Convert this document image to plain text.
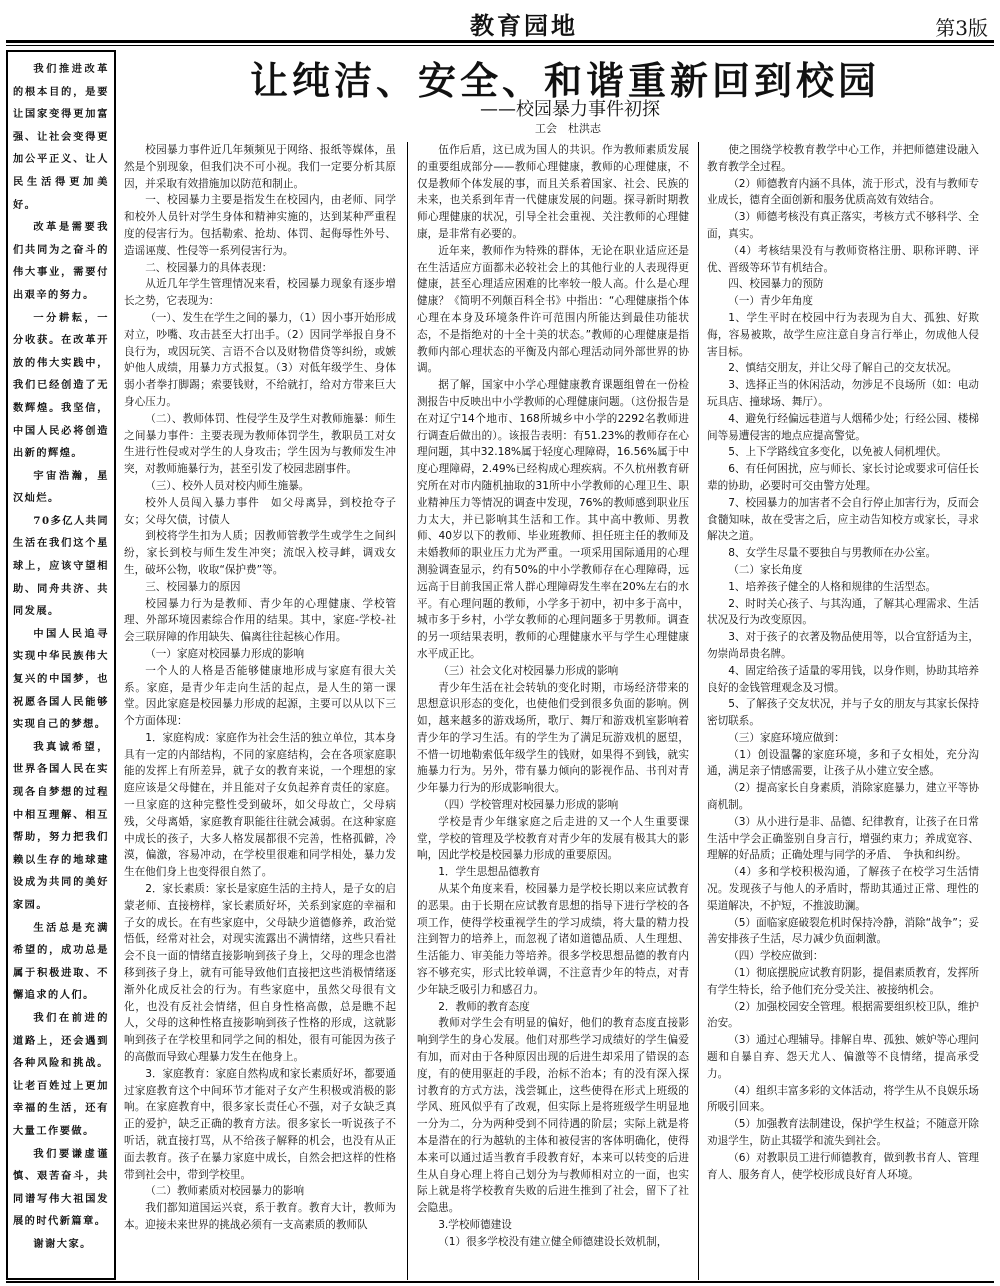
教育园地	第3版

我们推进改革的根本目的，是要让国家变得更加富强、让社会变得更加公平正义、让人民生活得更加美好。

改革是需要我们共同为之奋斗的伟大事业，需要付出艰辛的努力。

一分耕耘，一分收获。在改革开放的伟大实践中，我们已经创造了无数辉煌。我坚信，中国人民必将创造出新的辉煌。

宇宙浩瀚，星汉灿烂。

70多亿人共同生活在我们这个星球上，应该守望相助、同舟共济、共同发展。

中国人民追寻实现中华民族伟大复兴的中国梦，也祝愿各国人民能够实现自己的梦想。

我真诚希望，世界各国人民在实现各自梦想的过程中相互理解、相互帮助，努力把我们赖以生存的地球建设成为共同的美好家园。

生活总是充满希望的，成功总是属于积极进取、不懈追求的人们。

我们在前进的道路上，还会遇到各种风险和挑战。让老百姓过上更加幸福的生活，还有大量工作要做。

我们要谦虚谨慎、艰苦奋斗，共同谱写伟大祖国发展的时代新篇章。

谢谢大家。

让纯洁、安全、和谐重新回到校园
——校园暴力事件初探
工会　杜洪志

校园暴力事件近几年频频见于网络、报纸等媒体，虽然是个别现象，但我们决不可小视。我们一定要分析其原因，并采取有效措施加以防范和制止。

一、校园暴力主要是指发生在校园内，由老师、同学和校外人员针对学生身体和精神实施的，达到某种严重程度的侵害行为。包括勒索、抢劫、体罚、起侮辱性外号、造谣诬蔑、性侵等一系列侵害行为。

二、校园暴力的具体表现：

从近几年学生管理情况来看，校园暴力现象有逐步增长之势，它表现为：

（一）、发生在学生之间的暴力，（1）因小事开始形成对立，吵嘴、攻击甚至大打出手。（2）因同学举报自身不良行为，或因玩笑、言语不合以及财物借贷等纠纷，或嫉妒他人成绩，用暴力方式报复。（3）对低年级学生、身体弱小者拳打脚踢；索要钱财，不给就打，给对方带来巨大身心压力。

（二）、教师体罚、性侵学生及学生对教师施暴：师生之间暴力事件：主要表现为教师体罚学生，教职员工对女生进行性侵或对学生的人身攻击；学生因为与教师发生冲突，对教师施暴行为，甚至引发了校园悲剧事件。

（三）、校外人员对校内师生施暴。

校外人员闯入暴力事件　如父母离异，到校抢夺子女；父母欠债，讨债人

到校将学生扣为人质；因教师管教学生或学生之间纠纷，家长到校与师生发生冲突；流氓入校寻衅，调戏女生，破坏公物，收取“保护费”等。

三、校园暴力的原因

校园暴力行为是教师、青少年的心理健康、学校管理、外部环境因素综合作用的结果。其中，家庭-学校-社会三联屏障的作用缺失、偏离往往起核心作用。

（一）家庭对校园暴力形成的影响

一个人的人格是否能够健康地形成与家庭有很大关系。家庭，是青少年走向生活的起点，是人生的第一课堂。因此家庭是校园暴力形成的起源，主要可以从以下三个方面体现：

1．家庭构成：家庭作为社会生活的独立单位，其本身具有一定的内部结构，不同的家庭结构，会在各项家庭职能的发挥上有所差异，就子女的教育来说，一个理想的家庭应该是父母健在，并且能对子女负起养育责任的家庭。一旦家庭的这种完整性受到破坏，如父母故亡，父母病残，父母离婚，家庭教育职能往往就会减弱。在这种家庭中成长的孩子，大多人格发展都很不完善，性格孤僻，冷漠，偏激，容易冲动，在学校里很难和同学相处，暴力发生在他们身上也变得很自然了。

2．家长素质：家长是家庭生活的主持人，是子女的启蒙老师、直接榜样，家长素质好坏，关系到家庭的幸福和子女的成长。在有些家庭中，父母缺少道德修养，政治觉悟低，经常对社会，对现实流露出不满情绪，这些只看社会不良一面的情绪直接影响到孩子身上，父母的理念也潜移到孩子身上，就有可能导致他们直接把这些消极情绪逐渐外化成反社会的行为。有些家庭中，虽然父母很有文化，也没有反社会情绪，但自身性格高傲，总是瞧不起人，父母的这种性格直接影响到孩子性格的形成，这就影响到孩子在学校里和同学之间的相处，很有可能因为孩子的高傲而导致心理暴力发生在他身上。

3．家庭教育：家庭自然构成和家长素质好坏，都要通过家庭教育这个中间环节才能对子女产生积极或消极的影响。在家庭教育中，很多家长责任心不强，对子女缺乏真正的爱护，缺乏正确的教育方法。很多家长一听说孩子不听话，就直接打骂，从不给孩子解释的机会，也没有从正面去教育。孩子在暴力家庭中成长，自然会把这样的性格带到社会中，带到学校里。

（二）教师素质对校园暴力的影响

我们都知道国运兴衰，系于教育。教育大计，教师为本。迎接未来世界的挑战必须有一支高素质的教师队

伍作后盾，这已成为国人的共识。作为教师素质发展的重要组成部分——教师心理健康，教师的心理健康，不仅是教师个体发展的事，而且关系着国家、社会、民族的未来，也关系到年青一代健康发展的问题。探寻新时期教师心理健康的状况，引导全社会重视、关注教师的心理健康，是非常有必要的。

近年来，教师作为特殊的群体，无论在职业适应还是在生活适应方面都未必较社会上的其他行业的人表现得更健康，甚至心理适应困难的比率较一般人高。什么是心理健康？《简明不列颠百科全书》中指出：“心理健康指个体心理在本身及环境条件许可范围内所能达到最佳功能状态，不是指绝对的十全十美的状态。”教师的心理健康是指教师内部心理状态的平衡及内部心理活动同外部世界的协调。

据了解，国家中小学心理健康教育课题组曾在一份检测报告中反映出中小学教师的心理健康问题。（这份报告是在对辽宁14个地市、168所城乡中小学的2292名教师进行调查后做出的）。该报告表明：有51.23%的教师存在心理问题，其中32.18%属于轻度心理障碍，16.56%属于中度心理障碍，2.49%已经构成心理疾病。不久杭州教育研究所在对市内随机抽取的31所中小学教师的心理卫生、职业精神压力等情况的调查中发现，76%的教师感到职业压力太大，并已影响其生活和工作。其中高中教师、男教师、40岁以下的教师、毕业班教师、担任班主任的教师及未婚教师的职业压力尤为严重。一项采用国际通用的心理测验调查显示，约有50%的中小学教师存在心理障碍，远远高于目前我国正常人群心理障碍发生率在20%左右的水平。有心理问题的教师，小学多于初中，初中多于高中，城市多于乡村，小学女教师的心理问题多于男教师。调查的另一项结果表明，教师的心理健康水平与学生心理健康水平成正比。

（三）社会文化对校园暴力形成的影响

青少年生活在社会转轨的变化时期，市场经济带来的思想意识形态的变化，也使他们受到很多负面的影响。例如，越来越多的游戏场所，歌厅、舞厅和游戏机室影响着青少年的学习生活。有的学生为了满足玩游戏机的愿望，不惜一切地勒索低年级学生的钱财，如果得不到钱，就实施暴力行为。另外，带有暴力倾向的影视作品、书刊对青少年暴力行为的形成影响很大。

（四）学校管理对校园暴力形成的影响

学校是青少年继家庭之后走进的又一个人生重要课堂，学校的管理及学校教育对青少年的发展有极其大的影响，因此学校是校园暴力形成的重要原因。

1．学生思想品德教育

从某个角度来看，校园暴力是学校长期以来应试教育的恶果。由于长期在应试教育思想的指导下进行学校的各项工作，使得学校重视学生的学习成绩，将大量的精力投注到智力的培养上，而忽视了诸如道德品质、人生理想、生活能力、审美能力等培养。很多学校思想品德的教育内容不够充实，形式比较单调，不注意青少年的特点，对青少年缺乏吸引力和感召力。

2．教师的教育态度

教师对学生会有明显的偏好，他们的教育态度直接影响到学生的身心发展。他们对那些学习成绩好的学生偏爱有加，而对由于各种原因出现的后进生却采用了错误的态度，有的使用驱赶的手段，治标不治本；有的没有深入探讨教育的方式方法，浅尝辄止，这些使得在形式上班级的学风、班风似乎有了改观，但实际上是将班级学生明显地一分为二，分为两种受到不同待遇的阶层；实际上就是将本是潜在的行为越轨的主体和被侵害的客体明确化，使得本来可以通过适当教育手段教育好，本来可以转变的后进生从自身心理上将自己划分为与教师相对立的一面，也实际上就是将学校教育失败的后进生推到了社会，留下了社会隐患。

3.学校师德建设

（1）很多学校没有建立健全师德建设长效机制，

使之围绕学校教育教学中心工作，并把师德建设融入教育教学全过程。

（2）师德教育内涵不具体，流于形式，没有与教师专业成长，德育全面创新和服务优质高效有效结合。

（3）师德考核没有真正落实，考核方式不够科学、全面，真实。

（4）考核结果没有与教师资格注册、职称评聘、评优、晋级等环节有机结合。

四、校园暴力的预防

（一）青少年角度

1、学生平时在校园中行为表现为自大、孤独、好欺侮，容易被欺，故学生应注意自身言行举止，勿成他人侵害目标。

2、慎结交朋友，并让父母了解自己的交友状况。

3、选择正当的休闲活动，勿涉足不良场所（如：电动玩具店、撞球场、舞厅）。

4、避免行经偏远巷道与人烟稀少处；行经公园、楼梯间等易遭侵害的地点应提高警觉。

5、上下学路线宜多变化，以免被人伺机埋伏。

6、有任何困扰，应与师长、家长讨论或要求可信任长辈的协助，必要时可交由警方处理。

7、校园暴力的加害者不会自行停止加害行为，反而会食髓知味，故在受害之后，应主动告知校方或家长，寻求解决之道。

8、女学生尽量不要独自与男教师在办公室。

（二）家长角度

1、培养孩子健全的人格和规律的生活型态。

2、时时关心孩子、与其沟通，了解其心理需求、生活状况及行为改变原因。

3、对于孩子的衣著及物品使用等，以合宜舒适为主，勿崇尚昂贵名牌。

4、固定给孩子适量的零用钱，以身作则，协助其培养良好的金钱管理观念及习惯。

5、了解孩子交友状况，并与子女的朋友与其家长保持密切联系。

（三）家庭环境应做到：

（1）创设温馨的家庭环境，多和子女相处，充分沟通，满足亲子情感需要，让孩子从小建立安全感。

（2）提高家长自身素质，消除家庭暴力，建立平等协商机制。

（3）从小进行是非、品德、纪律教育，让孩子在日常生活中学会正确鉴别自身言行，增强约束力；养成宽容、理解的好品质；正确处理与同学的矛盾、　争执和纠纷。

（4）多和学校积极沟通，了解孩子在校学习生活情况。发现孩子与他人的矛盾时，帮助其通过正常、理性的渠道解决，不护短，不推波助澜。

（5）面临家庭破裂危机时保持冷静，消除“战争”；妥善安排孩子生活，尽力减少负面刺激。

（四）学校应做到：

（1）彻底摆脱应试教育阴影，提倡素质教育，发挥所有学生特长，给予他们充分受关注、被接纳机会。

（2）加强校园安全管理。根据需要组织校卫队，维护治安。

（3）通过心理辅导。排解自卑、孤独、嫉妒等心理问题和自暴自弃、怨天尤人、偏激等不良情绪，提高承受力。

（4）组织丰富多彩的文体活动，将学生从不良娱乐场所吸引回来。

（5）加强教育法制建设，保护学生权益；不随意开除劝退学生，防止其辍学和流失到社会。

（6）对教职员工进行师德教育，做到教书育人、管理育人、服务育人，使学校形成良好育人环境。
